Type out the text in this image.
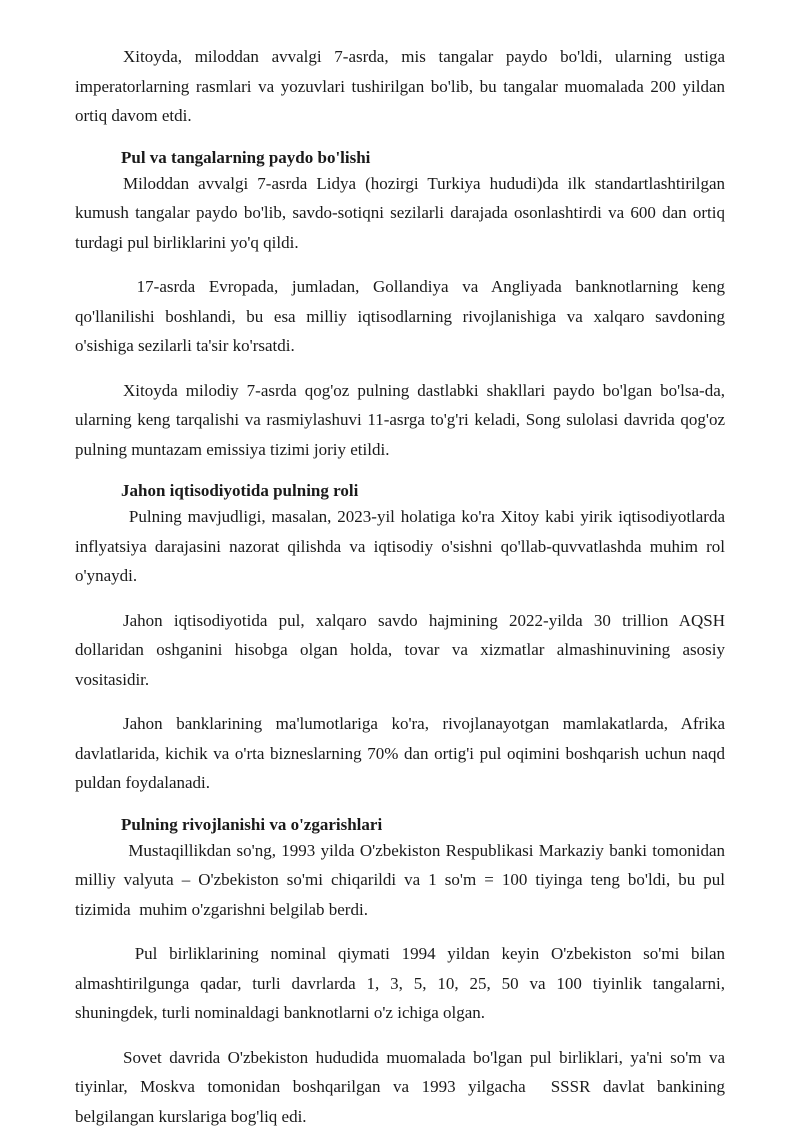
Xitoyda, miloddan avvalgi 7-asrda, mis tangalar paydo bo'ldi, ularning ustiga imperatorlarning rasmlari va yozuvlari tushirilgan bo'lib, bu tangalar muomalada 200 yildan ortiq davom etdi.

Pul va tangalarning paydo bo'lishi

Miloddan avvalgi 7-asrda Lidya (hozirgi Turkiya hududi)da ilk standartlashtirilgan kumush tangalar paydo bo'lib, savdo-sotiqni sezilarli darajada osonlashtirdi va 600 dan ortiq turdagi pul birliklarini yo'q qildi.

17-asrda Evropada, jumladan, Gollandiya va Angliyada banknotlarning keng qo'llanilishi boshlandi, bu esa milliy iqtisodlarning rivojlanishiga va xalqaro savdoning o'sishiga sezilarli ta'sir ko'rsatdi.

Xitoyda milodiy 7-asrda qog'oz pulning dastlabki shakllari paydo bo'lgan bo'lsa-da, ularning keng tarqalishi va rasmiylashuvi 11-asrga to'g'ri keladi, Song sulolasi davrida qog'oz pulning muntazam emissiya tizimi joriy etildi.

Jahon iqtisodiyotida pulning roli

Pulning mavjudligi, masalan, 2023-yil holatiga ko'ra Xitoy kabi yirik iqtisodiyotlarda inflyatsiya darajasini nazorat qilishda va iqtisodiy o'sishni qo'llab-quvvatlashda muhim rol o'ynaydi.

Jahon iqtisodiyotida pul, xalqaro savdo hajmining 2022-yilda 30 trillion AQSH dollaridan oshganini hisobga olgan holda, tovar va xizmatlar almashinuvining asosiy vositasidir.

Jahon banklarining ma'lumotlariga ko'ra, rivojlanayotgan mamlakatlarda, Afrika davlatlarida, kichik va o'rta bizneslarning 70% dan ortig'i pul oqimini boshqarish uchun naqd puldan foydalanadi.

Pulning rivojlanishi va o'zgarishlari

Mustaqillikdan so'ng, 1993 yilda O'zbekiston Respublikasi Markaziy banki tomonidan milliy valyuta – O'zbekiston so'mi chiqarildi va 1 so'm = 100 tiyinga teng bo'ldi, bu pul tizimida  muhim o'zgarishni belgilab berdi.

Pul birliklarining nominal qiymati 1994 yildan keyin O'zbekiston so'mi bilan almashtirilgunga qadar, turli davrlarda 1, 3, 5, 10, 25, 50 va 100 tiyinlik tangalarni, shuningdek, turli nominaldagi banknotlarni o'z ichiga olgan.

Sovet davrida O'zbekiston hududida muomalada bo'lgan pul birliklari, ya'ni so'm va tiyinlar, Moskva tomonidan boshqarilgan va 1993 yilgacha  SSSR davlat bankining belgilangan kurslariga bog'liq edi.
